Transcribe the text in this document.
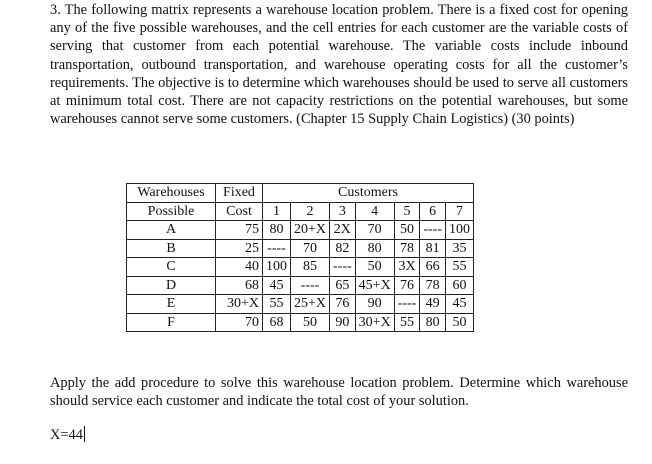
3. The following matrix represents a warehouse location problem. There is a fixed cost for opening any of the five possible warehouses, and the cell entries for each customer are the variable costs of serving that customer from each potential warehouse. The variable costs include inbound transportation, outbound transportation, and warehouse operating costs for all the customer’s requirements. The objective is to determine which warehouses should be used to serve all customers at minimum total cost. There are not capacity restrictions on the potential warehouses, but some warehouses cannot serve some customers. (Chapter 15 Supply Chain Logistics) (30 points)

Warehouses	Fixed	Customers						
Possible	Cost	1	2	3	4	5	6	7
A	75	80	20+X	2X	70	50	----	100
B	25	----	70	82	80	78	81	35
C	40	100	85	----	50	3X	66	55
D	68	45	----	65	45+X	76	78	60
E	30+X	55	25+X	76	90	----	49	45
F	70	68	50	90	30+X	55	80	50

Apply the add procedure to solve this warehouse location problem. Determine which warehouse should service each customer and indicate the total cost of your solution.

X=44
